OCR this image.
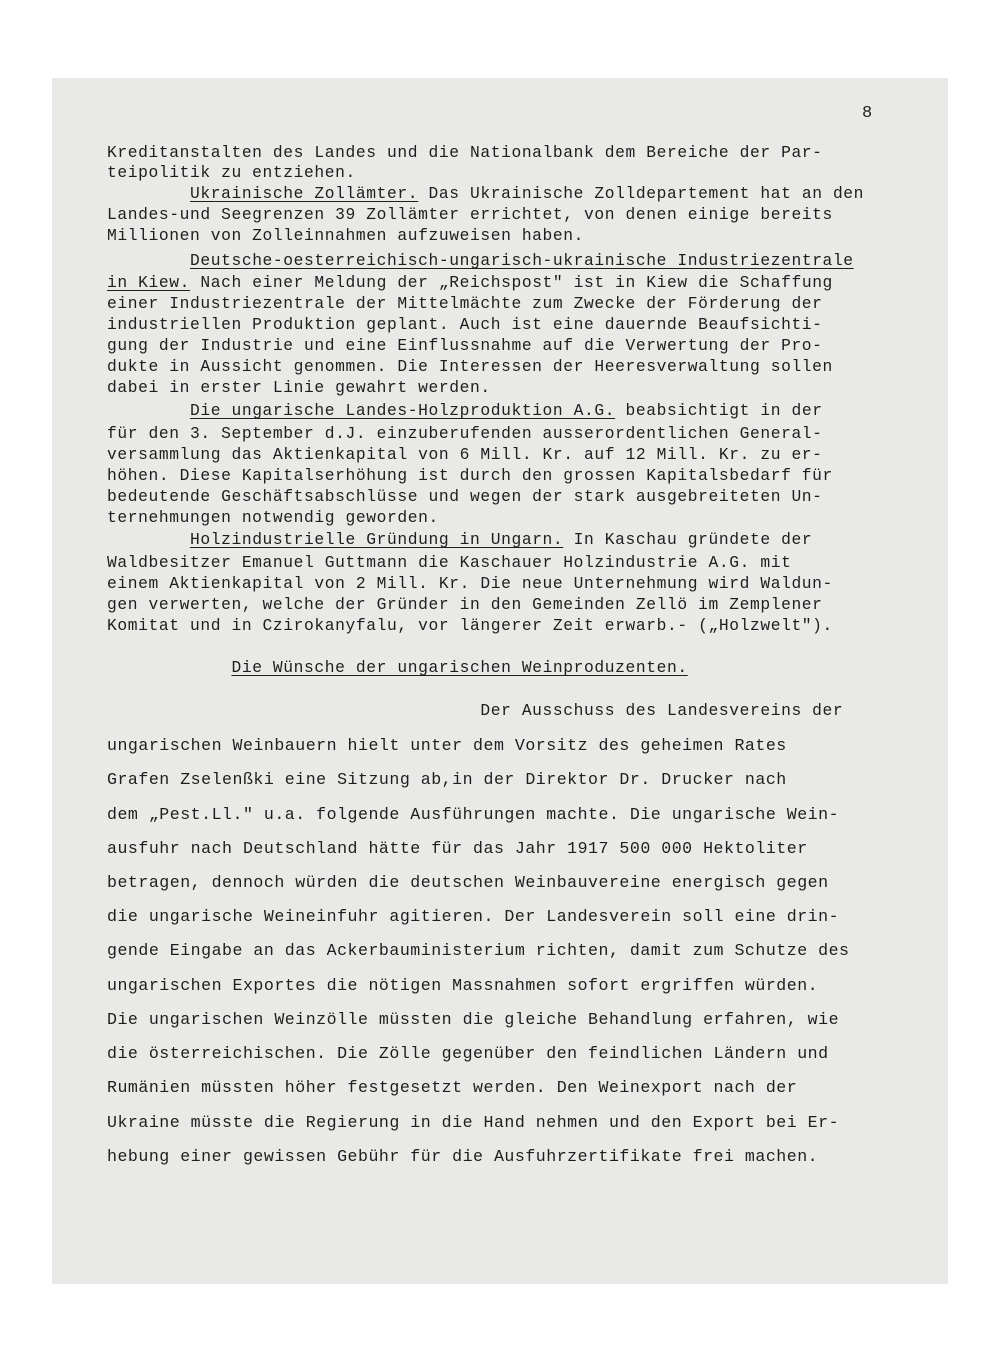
8
Kreditanstalten des Landes und die Nationalbank dem Bereiche der Par-
teipolitik zu entziehen.
Ukrainische Zollämter. Das Ukrainische Zolldepartement hat an den
Landes-und Seegrenzen 39 Zollämter errichtet, von denen einige bereits
Millionen von Zolleinnahmen aufzuweisen haben.
Deutsche-oesterreichisch-ungarisch-ukrainische Industriezentrale
in Kiew. Nach einer Meldung der „Reichspost" ist in Kiew die Schaffung
einer Industriezentrale der Mittelmächte zum Zwecke der Förderung der
industriellen Produktion geplant. Auch ist eine dauernde Beaufsichti-
gung der Industrie und eine Einflussnahme auf die Verwertung der Pro-
dukte in Aussicht genommen. Die Interessen der Heeresverwaltung sollen
dabei in erster Linie gewahrt werden.
Die ungarische Landes-Holzproduktion A.G. beabsichtigt in der
für den 3. September d.J. einzuberufenden ausserordentlichen General-
versammlung das Aktienkapital von 6 Mill. Kr. auf 12 Mill. Kr. zu er-
höhen. Diese Kapitalserhöhung ist durch den grossen Kapitalsbedarf für
bedeutende Geschäftsabschlüsse und wegen der stark ausgebreiteten Un-
ternehmungen notwendig geworden.
Holzindustrielle Gründung in Ungarn. In Kaschau gründete der
Waldbesitzer Emanuel Guttmann die Kaschauer Holzindustrie A.G. mit
einem Aktienkapital von 2 Mill. Kr. Die neue Unternehmung wird Waldun-
gen verwerten, welche der Gründer in den Gemeinden Zellö im Zemplener
Komitat und in Czirokanyfalu, vor längerer Zeit erwarb.- („Holzwelt").
Die Wünsche der ungarischen Weinproduzenten.
Der Ausschuss des Landesvereins der
ungarischen Weinbauern hielt unter dem Vorsitz des geheimen Rates
Grafen Zselenßki eine Sitzung ab,in der Direktor Dr. Drucker nach
dem „Pest.Ll." u.a. folgende Ausführungen machte. Die ungarische Wein-
ausfuhr nach Deutschland hätte für das Jahr 1917 500 000 Hektoliter
betragen, dennoch würden die deutschen Weinbauvereine energisch gegen
die ungarische Weineinfuhr agitieren. Der Landesverein soll eine drin-
gende Eingabe an das Ackerbauministerium richten, damit zum Schutze des
ungarischen Exportes die nötigen Massnahmen sofort ergriffen würden.
Die ungarischen Weinzölle müssten die gleiche Behandlung erfahren, wie
die österreichischen. Die Zölle gegenüber den feindlichen Ländern und
Rumänien müssten höher festgesetzt werden. Den Weinexport nach der
Ukraine müsste die Regierung in die Hand nehmen und den Export bei Er-
hebung einer gewissen Gebühr für die Ausfuhrzertifikate frei machen.
